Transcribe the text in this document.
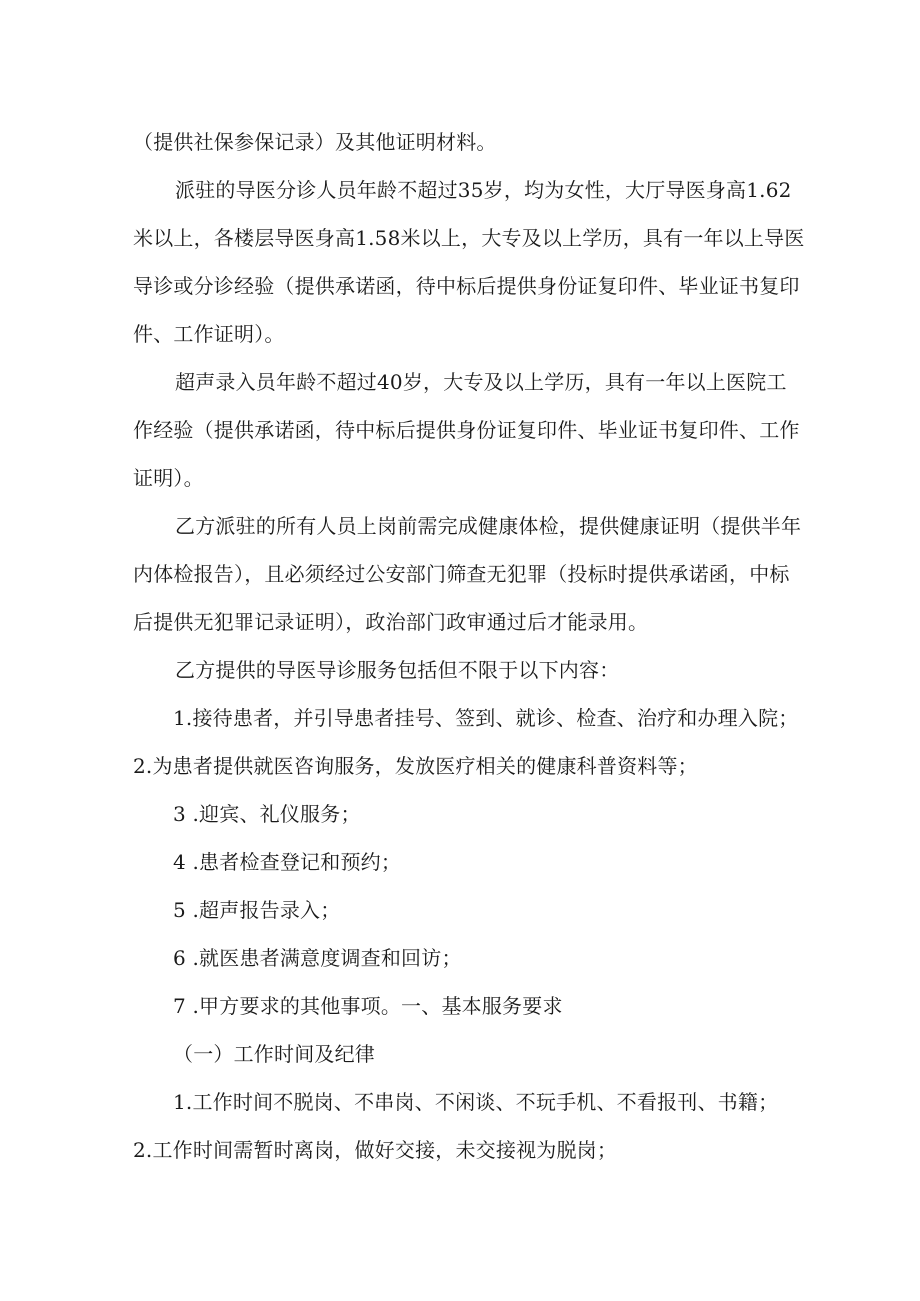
（提供社保参保记录）及其他证明材料。
派驻的导医分诊人员年龄不超过35岁，均为女性，大厅导医身高1.62
米以上，各楼层导医身高1.58米以上，大专及以上学历，具有一年以上导医
导诊或分诊经验（提供承诺函，待中标后提供身份证复印件、毕业证书复印
件、工作证明）。
超声录入员年龄不超过40岁，大专及以上学历，具有一年以上医院工
作经验（提供承诺函，待中标后提供身份证复印件、毕业证书复印件、工作
证明）。
乙方派驻的所有人员上岗前需完成健康体检，提供健康证明（提供半年
内体检报告），且必须经过公安部门筛查无犯罪（投标时提供承诺函，中标
后提供无犯罪记录证明），政治部门政审通过后才能录用。
乙方提供的导医导诊服务包括但不限于以下内容：
1.接待患者，并引导患者挂号、签到、就诊、检查、治疗和办理入院；
2.为患者提供就医咨询服务，发放医疗相关的健康科普资料等；
3 .迎宾、礼仪服务；
4 .患者检查登记和预约；
5 .超声报告录入；
6 .就医患者满意度调查和回访；
7 .甲方要求的其他事项。一、基本服务要求
（一）工作时间及纪律
1.工作时间不脱岗、不串岗、不闲谈、不玩手机、不看报刊、书籍；
2.工作时间需暂时离岗，做好交接，未交接视为脱岗；
